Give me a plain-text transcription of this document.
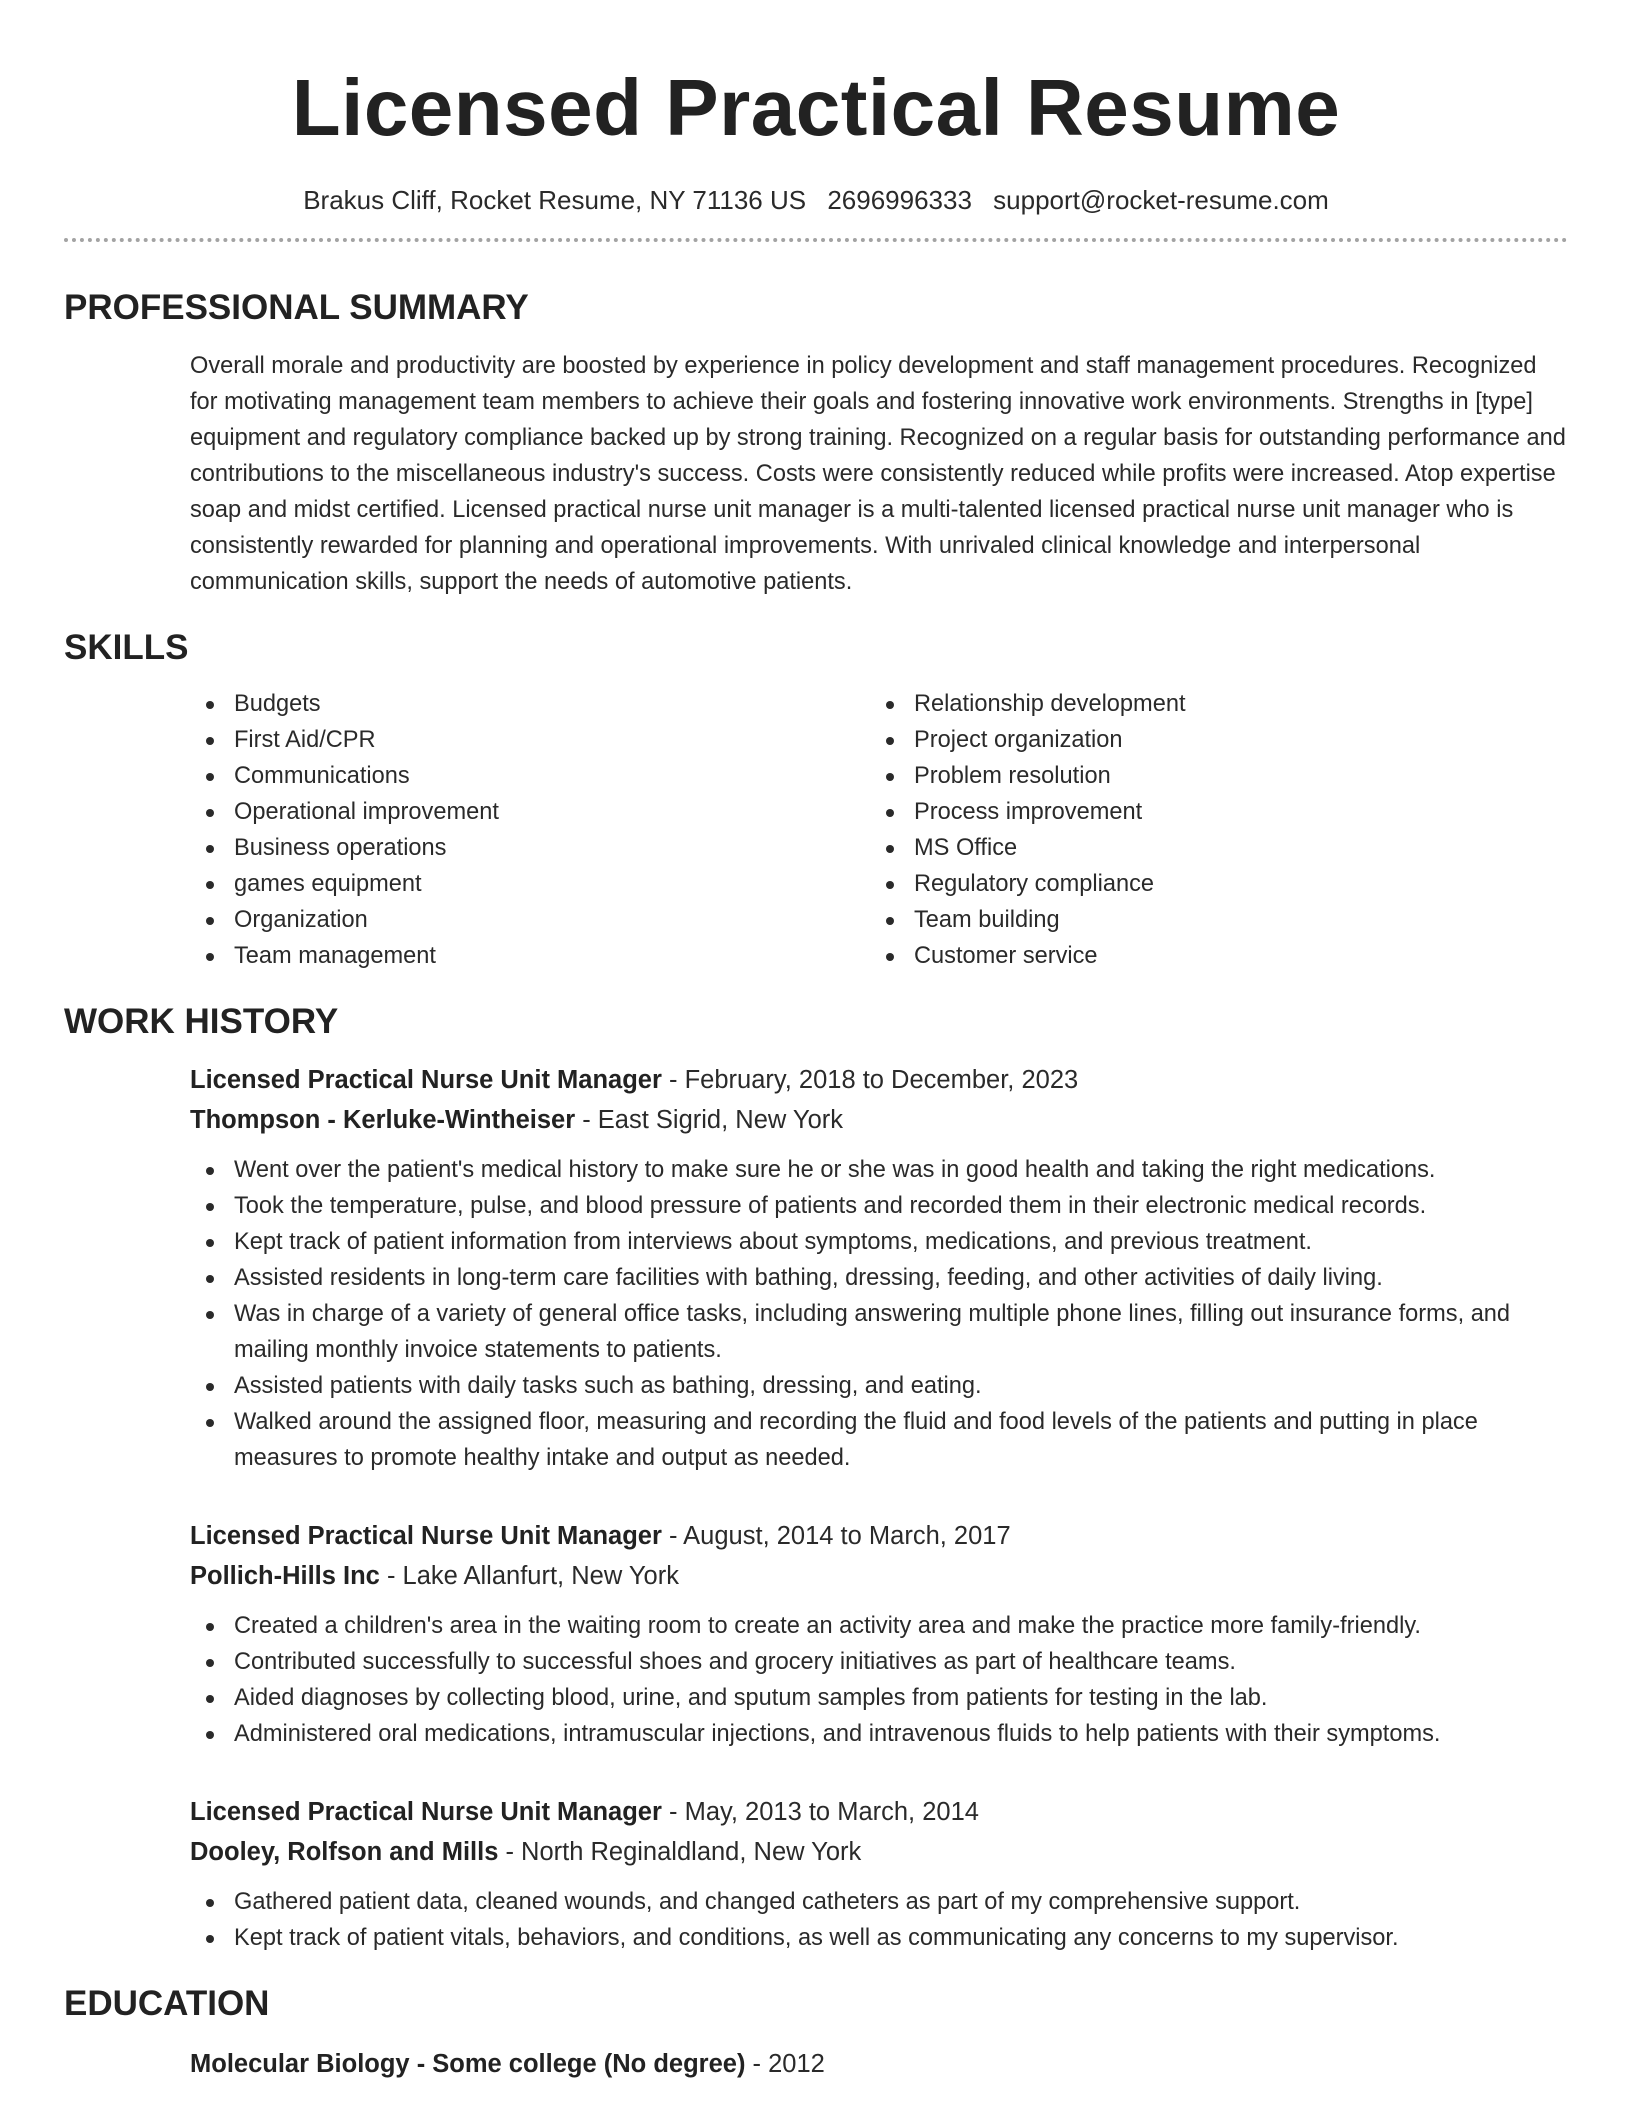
Licensed Practical Resume
Brakus Cliff, Rocket Resume, NY 71136 US 2696996333 support@rocket-resume.com
PROFESSIONAL SUMMARY

Overall morale and productivity are boosted by experience in policy development and staff management procedures. Recognized for motivating management team members to achieve their goals and fostering innovative work environments. Strengths in [type] equipment and regulatory compliance backed up by strong training. Recognized on a regular basis for outstanding performance and contributions to the miscellaneous industry's success. Costs were consistently reduced while profits were increased. Atop expertise soap and midst certified. Licensed practical nurse unit manager is a multi-talented licensed practical nurse unit manager who is consistently rewarded for planning and operational improvements. With unrivaled clinical knowledge and interpersonal communication skills, support the needs of automotive patients.

SKILLS
Budgets
First Aid/CPR
Communications
Operational improvement
Business operations
games equipment
Organization
Team management
Relationship development
Project organization
Problem resolution
Process improvement
MS Office
Regulatory compliance
Team building
Customer service
WORK HISTORY
Licensed Practical Nurse Unit Manager - February, 2018 to December, 2023
Thompson - Kerluke-Wintheiser - East Sigrid, New York
Went over the patient's medical history to make sure he or she was in good health and taking the right medications.
Took the temperature, pulse, and blood pressure of patients and recorded them in their electronic medical records.
Kept track of patient information from interviews about symptoms, medications, and previous treatment.
Assisted residents in long-term care facilities with bathing, dressing, feeding, and other activities of daily living.
Was in charge of a variety of general office tasks, including answering multiple phone lines, filling out insurance forms, and mailing monthly invoice statements to patients.
Assisted patients with daily tasks such as bathing, dressing, and eating.
Walked around the assigned floor, measuring and recording the fluid and food levels of the patients and putting in place measures to promote healthy intake and output as needed.
Licensed Practical Nurse Unit Manager - August, 2014 to March, 2017
Pollich-Hills Inc - Lake Allanfurt, New York
Created a children's area in the waiting room to create an activity area and make the practice more family-friendly.
Contributed successfully to successful shoes and grocery initiatives as part of healthcare teams.
Aided diagnoses by collecting blood, urine, and sputum samples from patients for testing in the lab.
Administered oral medications, intramuscular injections, and intravenous fluids to help patients with their symptoms.
Licensed Practical Nurse Unit Manager - May, 2013 to March, 2014
Dooley, Rolfson and Mills - North Reginaldland, New York
Gathered patient data, cleaned wounds, and changed catheters as part of my comprehensive support.
Kept track of patient vitals, behaviors, and conditions, as well as communicating any concerns to my supervisor.
EDUCATION
Molecular Biology - Some college (No degree) - 2012
